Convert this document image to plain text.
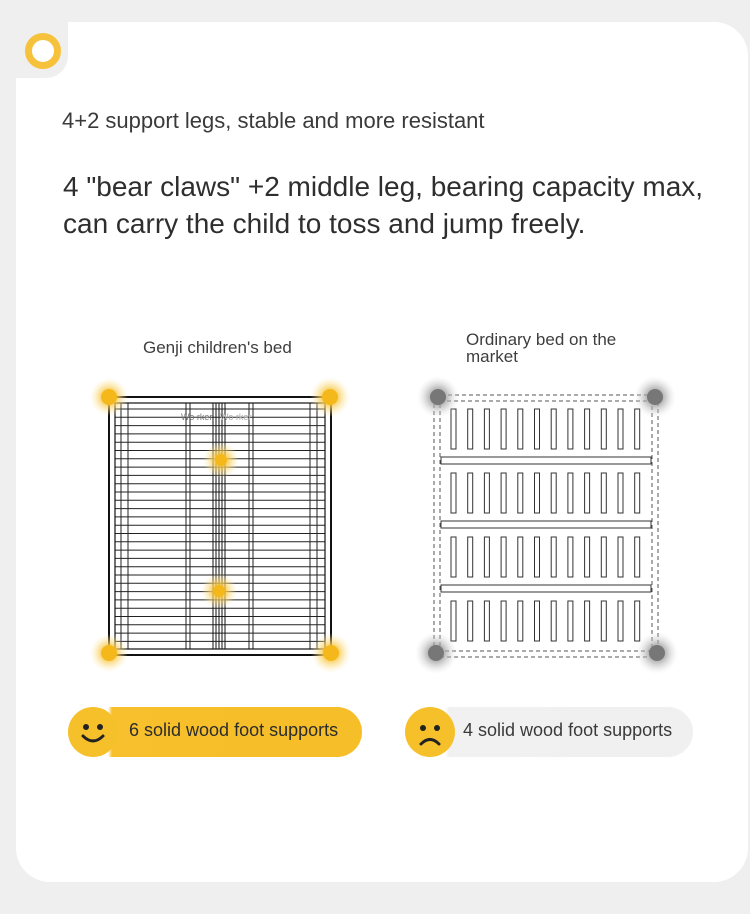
4+2 support legs, stable and more resistant
4 "bear claws" +2 middle leg, bearing capacity max, can carry the child to toss and jump freely.
Genji children's bed	Ordinary bed on the market
Wo rker Wo rker
6 solid wood foot supports	4 solid wood foot supports
